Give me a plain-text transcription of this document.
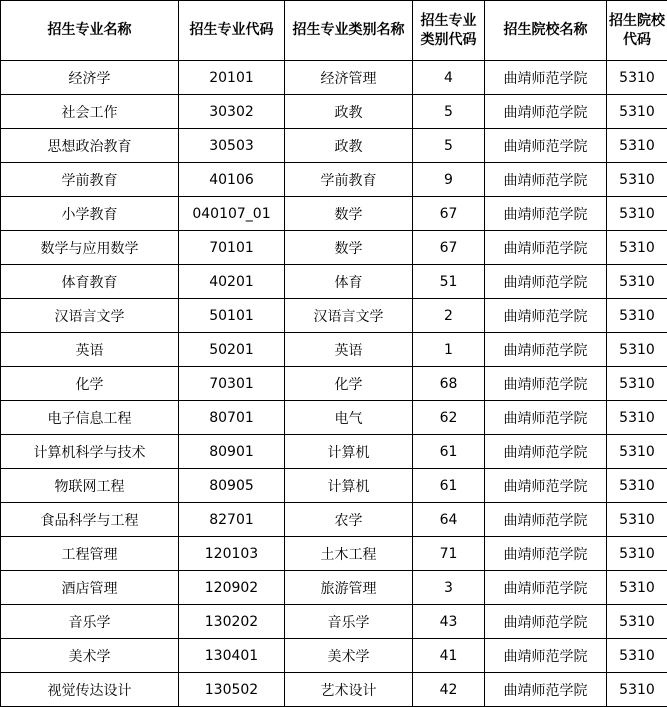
招生专业名称	招生专业代码	招生专业类别名称	招生专业类别代码	招生院校名称	招生院校代码
经济学	20101	经济管理	4	曲靖师范学院	5310
社会工作	30302	政教	5	曲靖师范学院	5310
思想政治教育	30503	政教	5	曲靖师范学院	5310
学前教育	40106	学前教育	9	曲靖师范学院	5310
小学教育	040107_01	数学	67	曲靖师范学院	5310
数学与应用数学	70101	数学	67	曲靖师范学院	5310
体育教育	40201	体育	51	曲靖师范学院	5310
汉语言文学	50101	汉语言文学	2	曲靖师范学院	5310
英语	50201	英语	1	曲靖师范学院	5310
化学	70301	化学	68	曲靖师范学院	5310
电子信息工程	80701	电气	62	曲靖师范学院	5310
计算机科学与技术	80901	计算机	61	曲靖师范学院	5310
物联网工程	80905	计算机	61	曲靖师范学院	5310
食品科学与工程	82701	农学	64	曲靖师范学院	5310
工程管理	120103	土木工程	71	曲靖师范学院	5310
酒店管理	120902	旅游管理	3	曲靖师范学院	5310
音乐学	130202	音乐学	43	曲靖师范学院	5310
美术学	130401	美术学	41	曲靖师范学院	5310
视觉传达设计	130502	艺术设计	42	曲靖师范学院	5310
